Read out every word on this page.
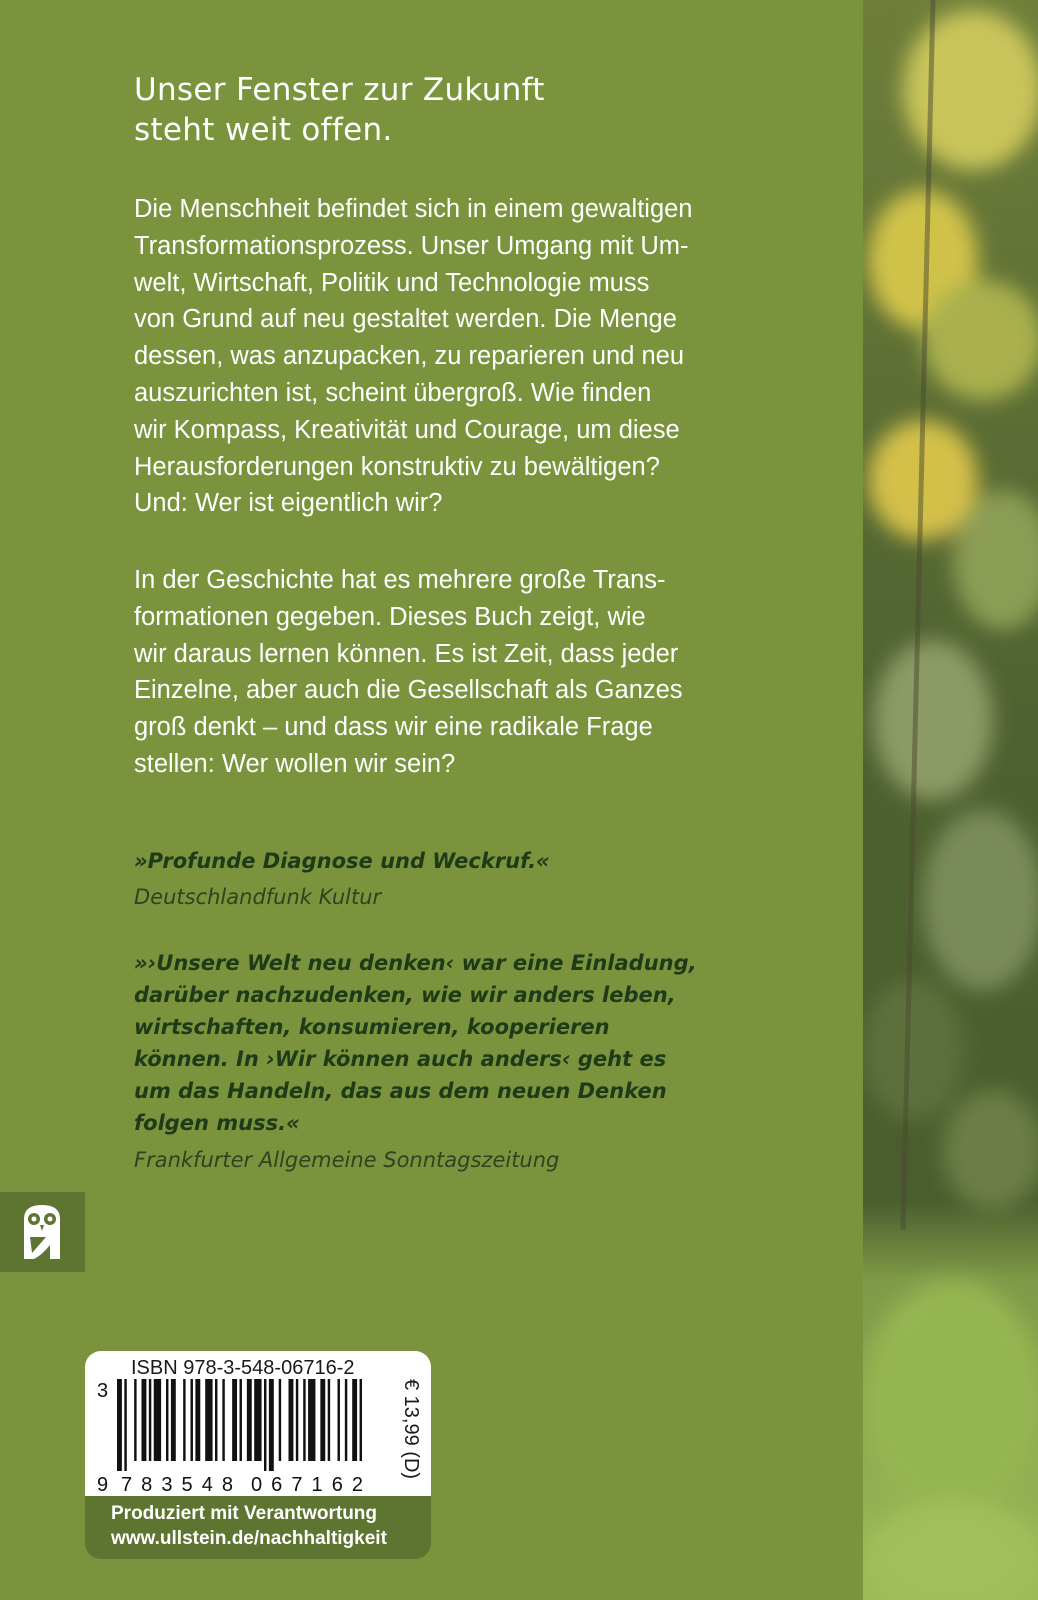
Unser Fenster zur Zukunft
steht weit offen.

Die Menschheit befindet sich in einem gewaltigen
Transformationsprozess. Unser Umgang mit Um-
welt, Wirtschaft, Politik und Technologie muss
von Grund auf neu gestaltet werden. Die Menge
dessen, was anzupacken, zu reparieren und neu
auszurichten ist, scheint übergroß. Wie finden
wir Kompass, Kreativität und Courage, um diese
Herausforderungen konstruktiv zu bewältigen?
Und: Wer ist eigentlich wir?

In der Geschichte hat es mehrere große Trans-
formationen gegeben. Dieses Buch zeigt, wie
wir daraus lernen können. Es ist Zeit, dass jeder
Einzelne, aber auch die Gesellschaft als Ganzes
groß denkt – und dass wir eine radikale Frage
stellen: Wer wollen wir sein?

»Profunde Diagnose und Weckruf.«

Deutschlandfunk Kultur

»›Unsere Welt neu denken‹ war eine Einladung,
darüber nachzudenken, wie wir anders leben,
wirtschaften, konsumieren, kooperieren
können. In ›Wir können auch anders‹ geht es
um das Handeln, das aus dem neuen Denken
folgen muss.«

Frankfurter Allgemeine Sonntagszeitung

ISBN 978-3-548-06716-2
3
9 783548 067162
€ 13,99 (D)

Produziert mit Verantwortung

www.ullstein.de/nachhaltigkeit
